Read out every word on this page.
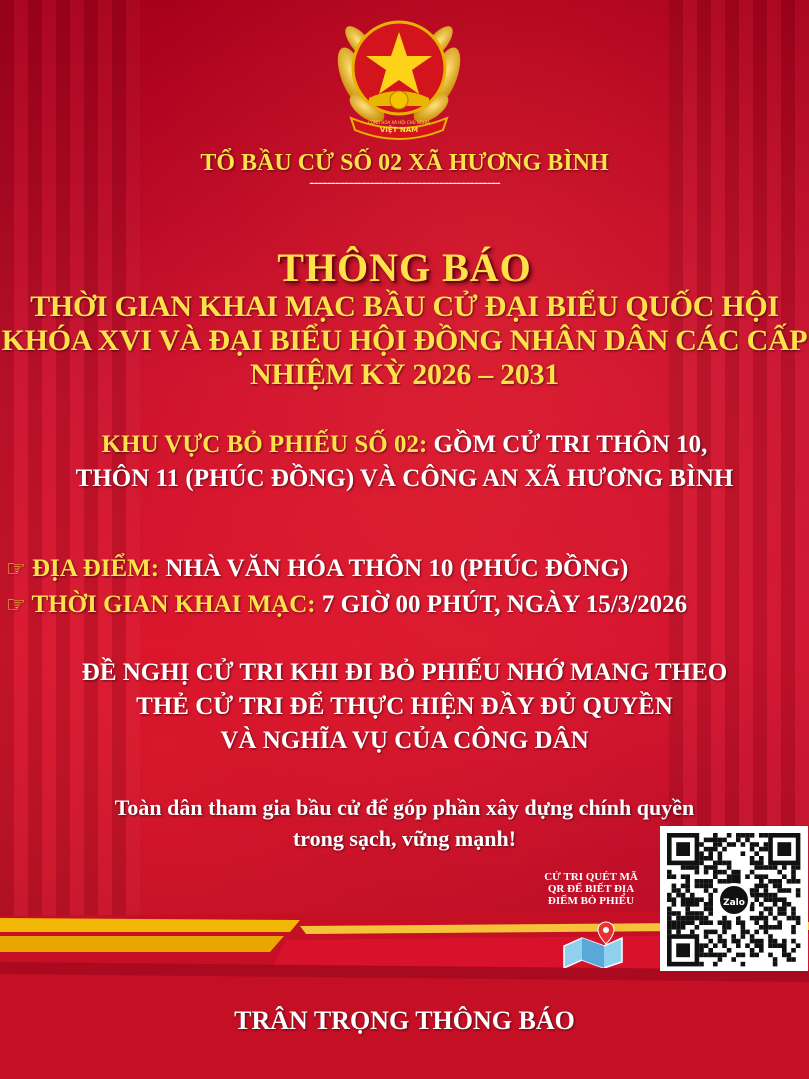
CỘNG HÒA XÃ HỘI CHỦ NGHĨA
VIỆT NAM
TỔ BẦU CỬ SỐ 02 XÃ HƯƠNG BÌNH
--------------------------------------------
THÔNG BÁO
THỜI GIAN KHAI MẠC BẦU CỬ ĐẠI BIỂU QUỐC HỘI
KHÓA XVI VÀ ĐẠI BIỂU HỘI ĐỒNG NHÂN DÂN CÁC CẤP
NHIỆM KỲ 2026 – 2031
KHU VỰC BỎ PHIẾU SỐ 02: GỒM CỬ TRI THÔN 10,
THÔN 11 (PHÚC ĐỒNG) VÀ CÔNG AN XÃ HƯƠNG BÌNH
☞ ĐỊA ĐIỂM: NHÀ VĂN HÓA THÔN 10 (PHÚC ĐỒNG)
☞ THỜI GIAN KHAI MẠC: 7 GIỜ 00 PHÚT, NGÀY 15/3/2026
ĐỀ NGHỊ CỬ TRI KHI ĐI BỎ PHIẾU NHỚ MANG THEO
THẺ CỬ TRI ĐỂ THỰC HIỆN ĐẦY ĐỦ QUYỀN
VÀ NGHĨA VỤ CỦA CÔNG DÂN
Toàn dân tham gia bầu cử để góp phần xây dựng chính quyền
trong sạch, vững mạnh!
CỬ TRI QUÉT MÃ
QR ĐỂ BIẾT ĐỊA
ĐIỂM BỎ PHIẾU	Zalo
TRÂN TRỌNG THÔNG BÁO
